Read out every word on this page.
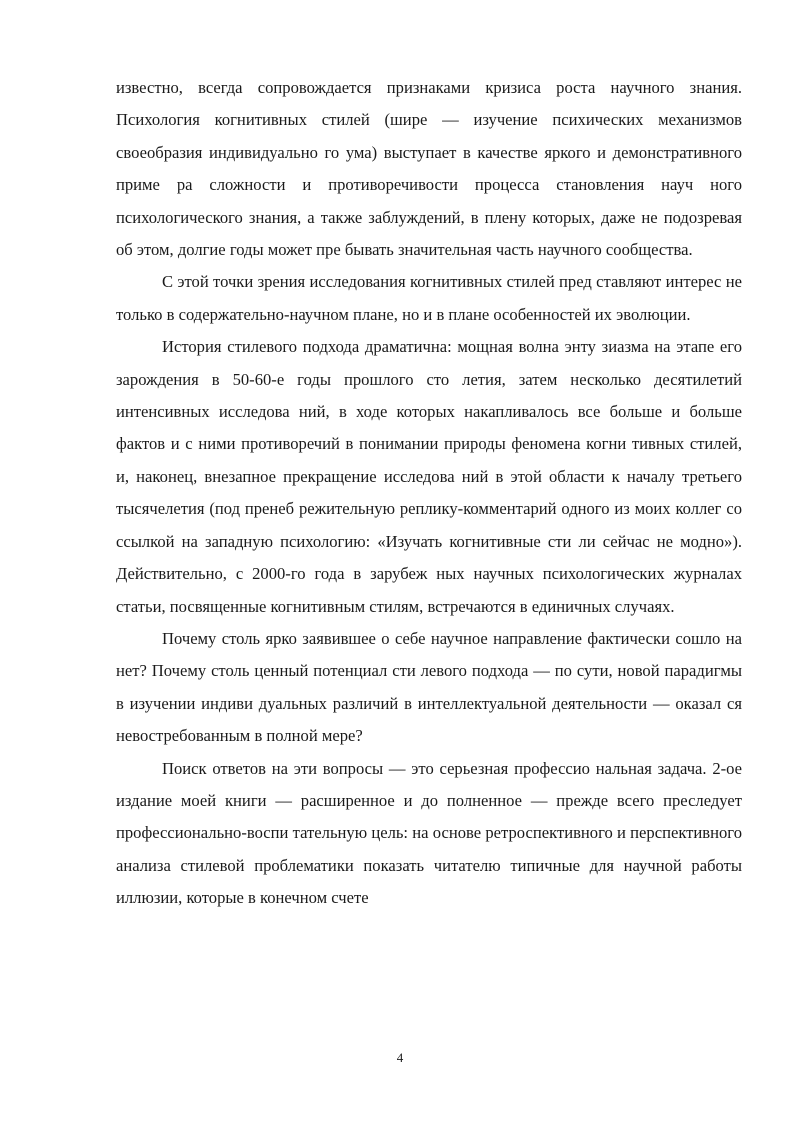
известно, всегда сопровождается признаками кризиса роста научного знания. Психология когнитивных стилей (шире — изучение психических механизмов своеобразия индивидуально го ума) выступает в качестве яркого и демонстративного приме ра сложности и противоречивости процесса становления науч ного психологического знания, а также заблуждений, в плену которых, даже не подозревая об этом, долгие годы может пре бывать значительная часть научного сообщества.

С этой точки зрения исследования когнитивных стилей пред ставляют интерес не только в содержательно-научном плане, но и в плане особенностей их эволюции.

История стилевого подхода драматична: мощная волна энту зиазма на этапе его зарождения в 50-60-е годы прошлого сто летия, затем несколько десятилетий интенсивных исследова ний, в ходе которых накапливалось все больше и больше фактов и с ними противоречий в понимании природы феномена когни тивных стилей, и, наконец, внезапное прекращение исследова ний в этой области к началу третьего тысячелетия (под пренеб режительную реплику-комментарий одного из моих коллег со ссылкой на западную психологию: «Изучать когнитивные сти ли сейчас не модно»). Действительно, с 2000-го года в зарубеж ных научных психологических журналах статьи, посвященные когнитивным стилям, встречаются в единичных случаях.

Почему столь ярко заявившее о себе научное направление фактически сошло на нет? Почему столь ценный потенциал сти левого подхода — по сути, новой парадигмы в изучении индиви дуальных различий в интеллектуальной деятельности — оказал ся невостребованным в полной мере?

Поиск ответов на эти вопросы — это серьезная профессио нальная задача. 2-ое издание моей книги — расширенное и до полненное — прежде всего преследует профессионально-воспи тательную цель: на основе ретроспективного и перспективного анализа стилевой проблематики показать читателю типичные для научной работы иллюзии, которые в конечном счете

4
